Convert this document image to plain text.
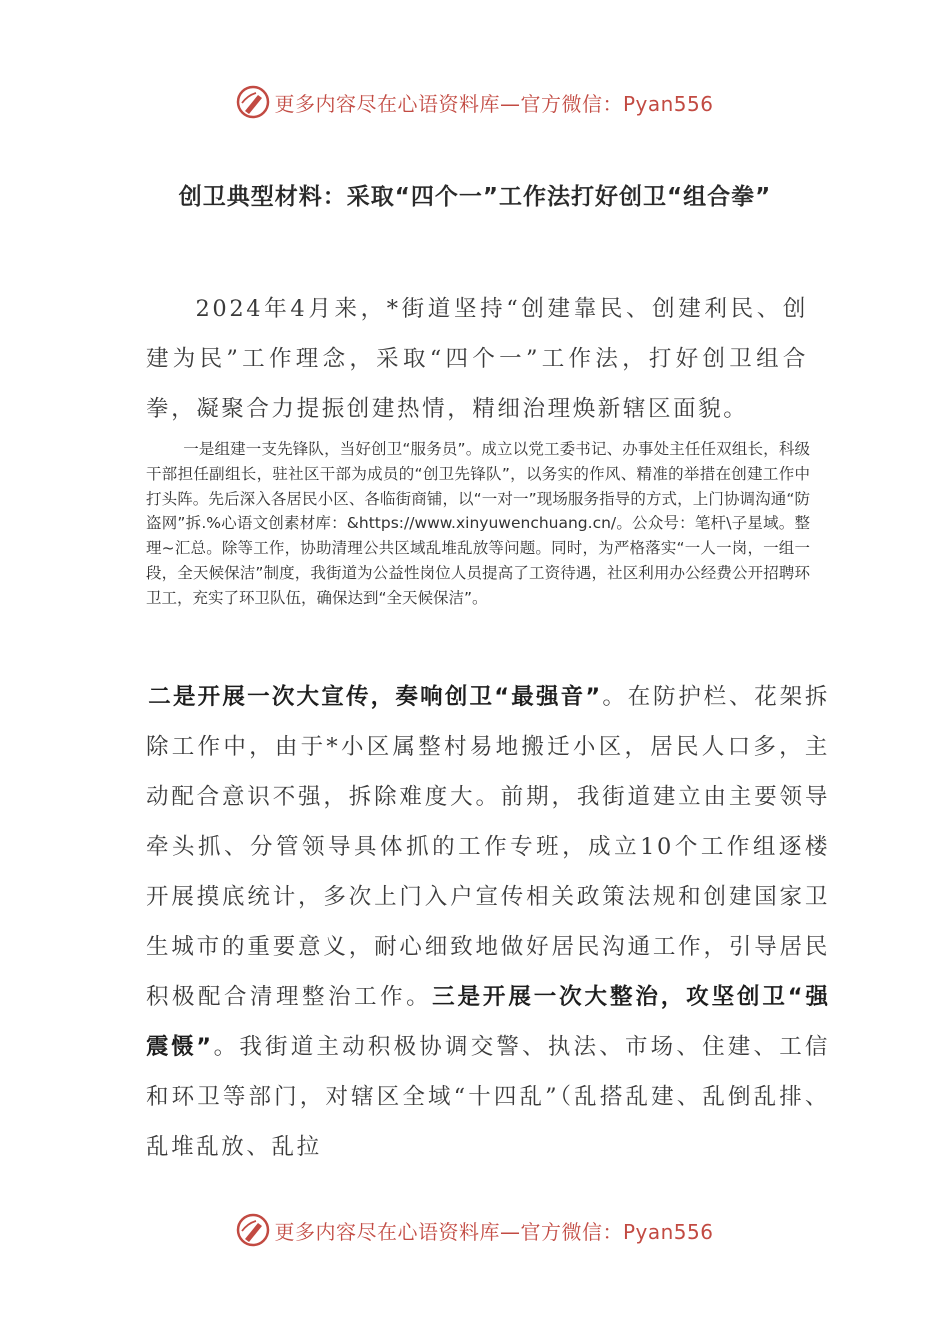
更多内容尽在心语资料库—官方微信：Pyan556
创卫典型材料：采取“四个一”工作法打好创卫“组合拳”
2024年4月来，*街道坚持“创建靠民、创建利民、创建为民”工作理念，采取“四个一”工作法，打好创卫组合拳，凝聚合力提振创建热情，精细治理焕新辖区面貌。
一是组建一支先锋队，当好创卫“服务员”。成立以党工委书记、办事处主任任双组长，科级干部担任副组长，驻社区干部为成员的“创卫先锋队”，以务实的作风、精准的举措在创建工作中打头阵。先后深入各居民小区、各临街商铺，以“一对一”现场服务指导的方式，上门协调沟通“防盗网”拆.%心语文创素材库：&https://www.xinyuwenchuang.cn/。公众号：笔杆\子星域。整理~汇总。除等工作，协助清理公共区域乱堆乱放等问题。同时，为严格落实“一人一岗，一组一段，全天候保洁”制度，我街道为公益性岗位人员提高了工资待遇，社区利用办公经费公开招聘环卫工，充实了环卫队伍，确保达到“全天候保洁”。
二是开展一次大宣传，奏响创卫“最强音”。在防护栏、花架拆除工作中，由于*小区属整村易地搬迁小区，居民人口多，主动配合意识不强，拆除难度大。前期，我街道建立由主要领导牵头抓、分管领导具体抓的工作专班，成立10个工作组逐楼开展摸底统计，多次上门入户宣传相关政策法规和创建国家卫生城市的重要意义，耐心细致地做好居民沟通工作，引导居民积极配合清理整治工作。三是开展一次大整治，攻坚创卫“强震慑”。我街道主动积极协调交警、执法、市场、住建、工信和环卫等部门，对辖区全域“十四乱”（乱搭乱建、乱倒乱排、乱堆乱放、乱拉
更多内容尽在心语资料库—官方微信：Pyan556
